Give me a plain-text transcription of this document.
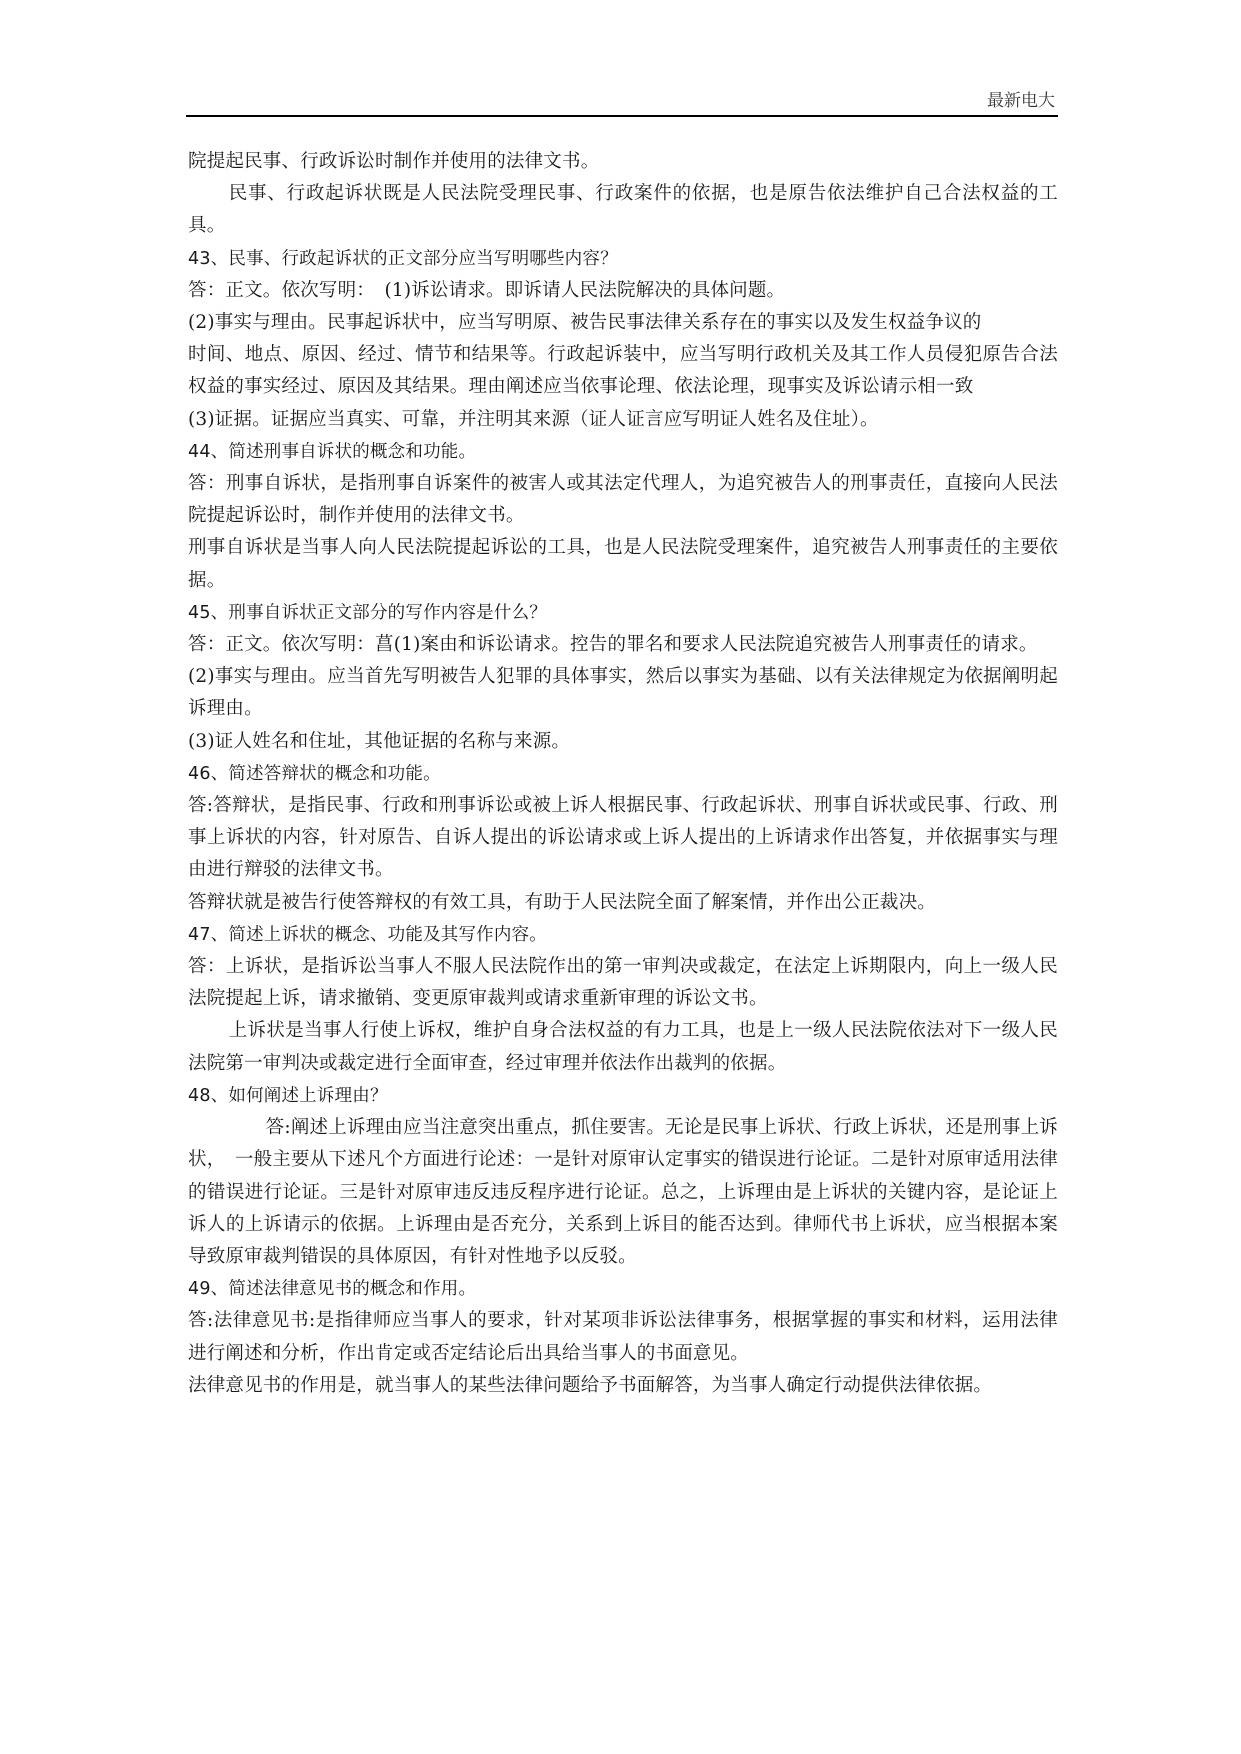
最新电大

院提起民事、行政诉讼时制作并使用的法律文书。

民事、行政起诉状既是人民法院受理民事、行政案件的依据，也是原告依法维护自己合法权益的工具。

43、民事、行政起诉状的正文部分应当写明哪些内容？

答：正文。依次写明：　(1)诉讼请求。即诉请人民法院解决的具体问题。

(2)事实与理由。民事起诉状中，应当写明原、被告民事法律关系存在的事实以及发生权益争议的

时间、地点、原因、经过、情节和结果等。行政起诉装中，应当写明行政机关及其工作人员侵犯原告合法权益的事实经过、原因及其结果。理由阐述应当依事论理、依法论理，现事实及诉讼请示相一致

(3)证据。证据应当真实、可靠，并注明其来源（证人证言应写明证人姓名及住址）。

44、简述刑事自诉状的概念和功能。

答：刑事自诉状，是指刑事自诉案件的被害人或其法定代理人，为追究被告人的刑事责任，直接向人民法院提起诉讼时，制作并使用的法律文书。

刑事自诉状是当事人向人民法院提起诉讼的工具，也是人民法院受理案件，追究被告人刑事责任的主要依据。

45、刑事自诉状正文部分的写作内容是什么？

答：正文。依次写明：菖(1)案由和诉讼请求。控告的罪名和要求人民法院追究被告人刑事责任的请求。

(2)事实与理由。应当首先写明被告人犯罪的具体事实，然后以事实为基础、以有关法律规定为依据阐明起诉理由。

(3)证人姓名和住址，其他证据的名称与来源。

46、简述答辩状的概念和功能。

答:答辩状，是指民事、行政和刑事诉讼或被上诉人根据民事、行政起诉状、刑事自诉状或民事、行政、刑事上诉状的内容，针对原告、自诉人提出的诉讼请求或上诉人提出的上诉请求作出答复，并依据事实与理由进行辩驳的法律文书。

答辩状就是被告行使答辩权的有效工具，有助于人民法院全面了解案情，并作出公正裁决。

47、简述上诉状的概念、功能及其写作内容。

答：上诉状，是指诉讼当事人不服人民法院作出的第一审判决或裁定，在法定上诉期限内，向上一级人民法院提起上诉，请求撤销、变更原审裁判或请求重新审理的诉讼文书。

上诉状是当事人行使上诉权，维护自身合法权益的有力工具，也是上一级人民法院依法对下一级人民法院第一审判决或裁定进行全面审查，经过审理并依法作出裁判的依据。

48、如何阐述上诉理由？

答:阐述上诉理由应当注意突出重点，抓住要害。无论是民事上诉状、行政上诉状，还是刑事上诉状，　一般主要从下述凡个方面进行论述：一是针对原审认定事实的错误进行论证。二是针对原审适用法律的错误进行论证。三是针对原审违反违反程序进行论证。总之，上诉理由是上诉状的关键内容，是论证上诉人的上诉请示的依据。上诉理由是否充分，关系到上诉目的能否达到。律师代书上诉状，应当根据本案导致原审裁判错误的具体原因，有针对性地予以反驳。

49、简述法律意见书的概念和作用。

答:法律意见书:是指律师应当事人的要求，针对某项非诉讼法律事务，根据掌握的事实和材料，运用法律进行阐述和分析，作出肯定或否定结论后出具给当事人的书面意见。

法律意见书的作用是，就当事人的某些法律问题给予书面解答，为当事人确定行动提供法律依据。
